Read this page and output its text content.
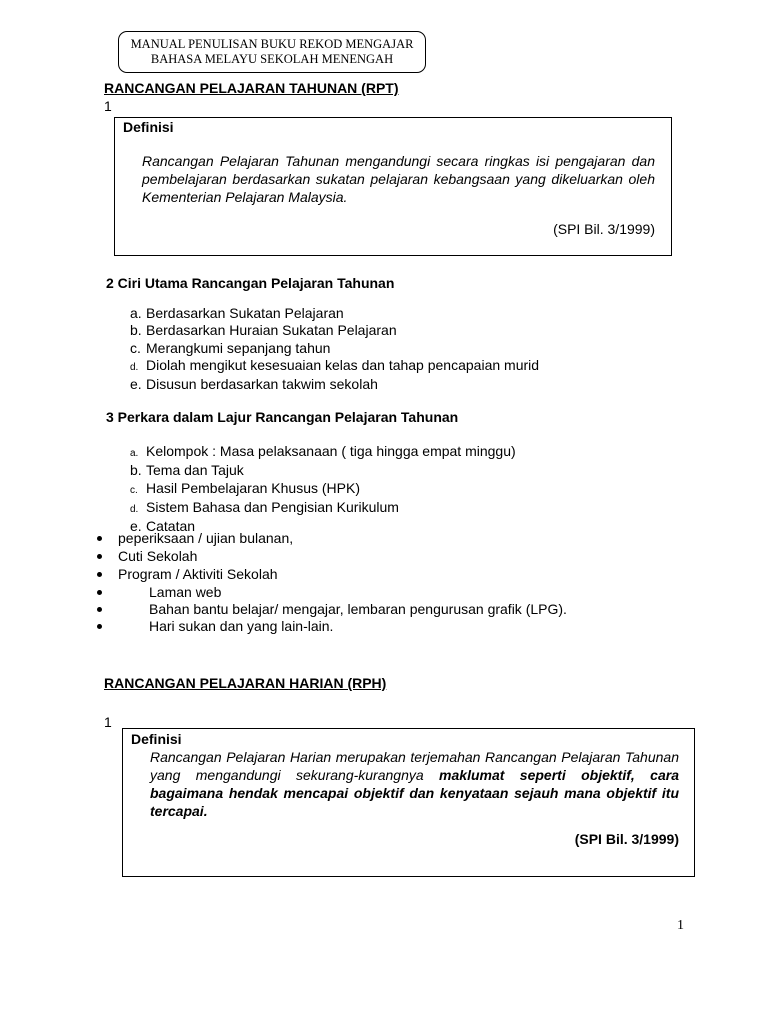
MANUAL PENULISAN BUKU REKOD MENGAJAR
BAHASA MELAYU SEKOLAH MENENGAH
RANCANGAN PELAJARAN TAHUNAN (RPT)
1
Definisi
Rancangan Pelajaran Tahunan mengandungi secara ringkas isi pengajaran dan pembelajaran berdasarkan sukatan pelajaran kebangsaan yang dikeluarkan oleh Kementerian Pelajaran Malaysia.
(SPI Bil. 3/1999)
2 Ciri Utama Rancangan Pelajaran Tahunan
a. Berdasarkan Sukatan Pelajaran
b. Berdasarkan Huraian Sukatan Pelajaran
c. Merangkumi sepanjang tahun
d. Diolah mengikut kesesuaian kelas dan tahap pencapaian murid
e. Disusun berdasarkan takwim sekolah
3 Perkara dalam Lajur Rancangan Pelajaran Tahunan
a. Kelompok : Masa pelaksanaan ( tiga hingga empat minggu)
b. Tema dan Tajuk
c. Hasil Pembelajaran Khusus (HPK)
d. Sistem Bahasa dan Pengisian Kurikulum
e. Catatan
peperiksaan / ujian bulanan,
Cuti Sekolah
Program / Aktiviti Sekolah
Laman web
Bahan bantu belajar/ mengajar, lembaran pengurusan grafik (LPG).
Hari sukan dan yang lain-lain.
RANCANGAN PELAJARAN HARIAN (RPH)
1
Definisi
Rancangan Pelajaran Harian merupakan terjemahan Rancangan Pelajaran Tahunan yang mengandungi sekurang-kurangnya maklumat seperti objektif, cara bagaimana hendak mencapai objektif dan kenyataan sejauh mana objektif itu tercapai.
(SPI Bil. 3/1999)
1
